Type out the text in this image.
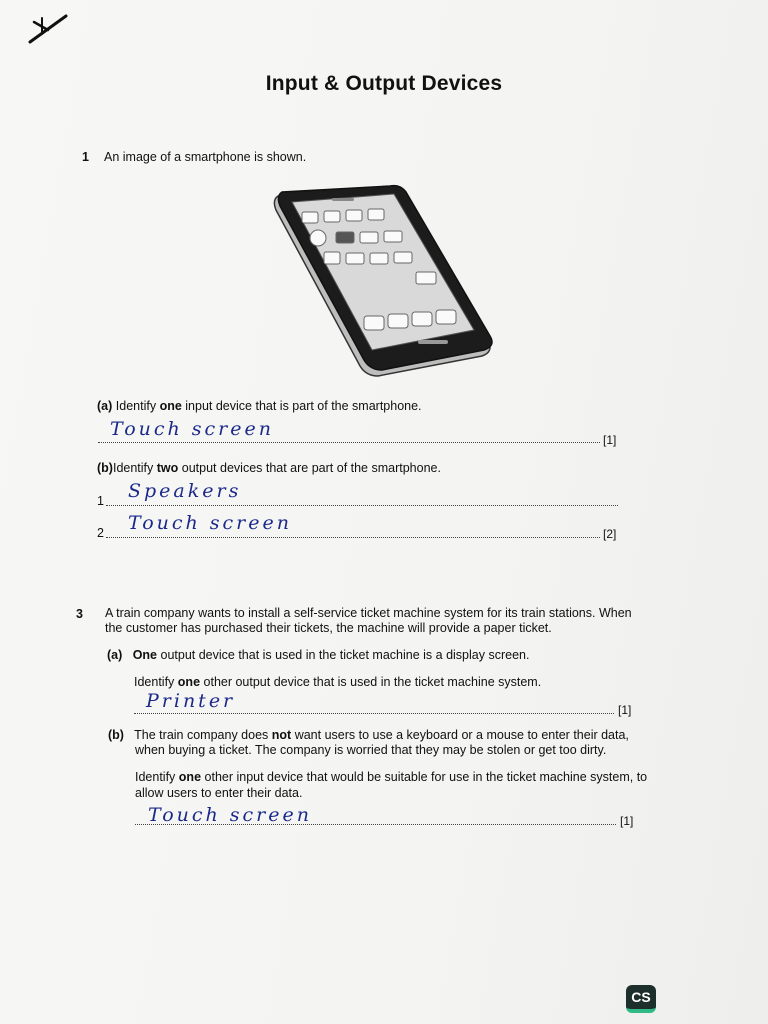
Input & Output Devices
1 An image of a smartphone is shown.
(a) Identify one input device that is part of the smartphone.
Touch screen	[1]
(b)Identify two output devices that are part of the smartphone.
1 Speakers
2 Touch screen	[2]
3 A train company wants to install a self-service ticket machine system for its train stations. When
the customer has purchased their tickets, the machine will provide a paper ticket.
(a) One output device that is used in the ticket machine is a display screen.
Identify one other output device that is used in the ticket machine system.
Printer	[1]
(b) The train company does not want users to use a keyboard or a mouse to enter their data,
when buying a ticket. The company is worried that they may be stolen or get too dirty.
Identify one other input device that would be suitable for use in the ticket machine system, to
allow users to enter their data.
Touch screen	[1]
CS
